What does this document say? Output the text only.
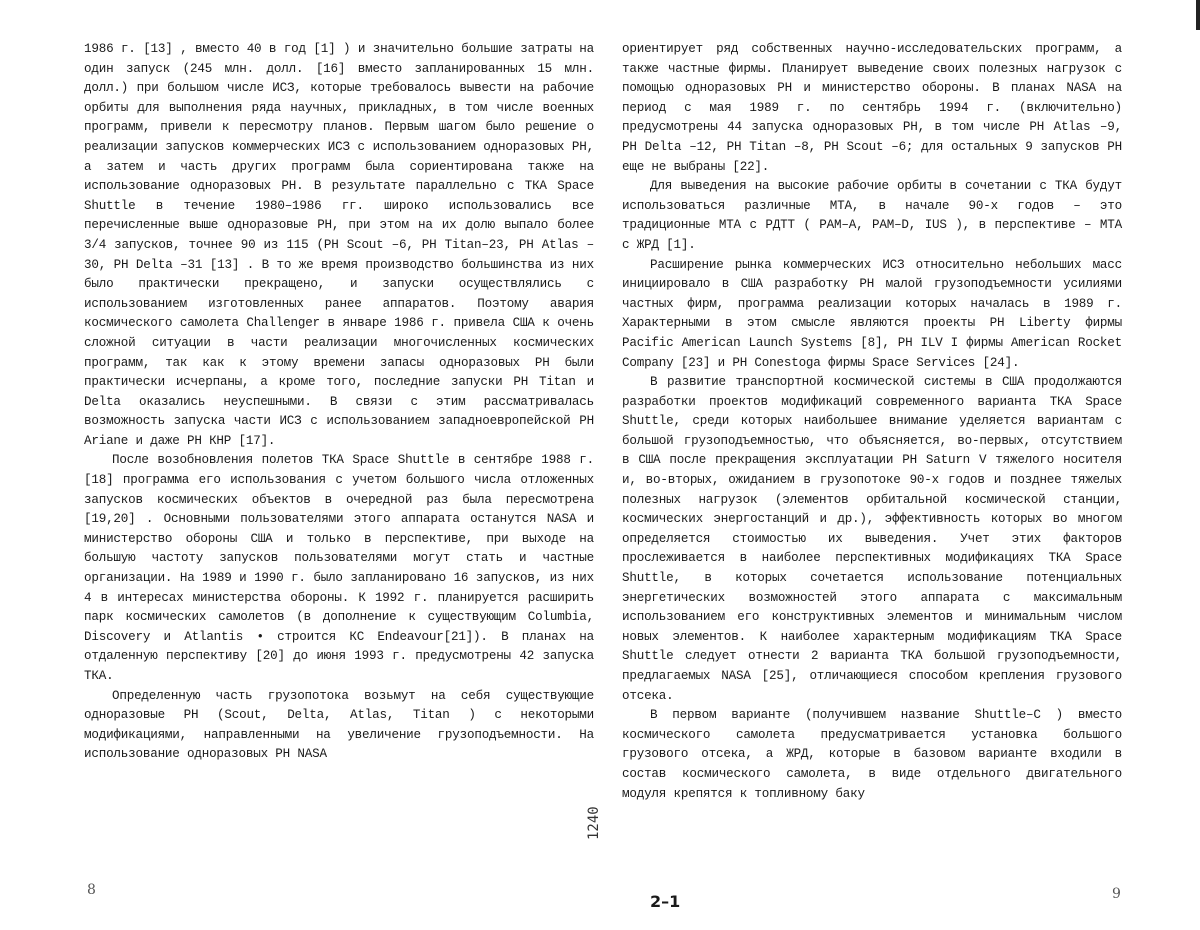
1986 г. [13] , вместо 40 в год [1] ) и значительно большие затраты на один запуск (245 млн. долл. [16] вместо запланированных 15 млн. долл.) при большом числе ИСЗ, которые требовалось вывести на рабочие орбиты для выполнения ряда научных, прикладных, в том числе военных программ, привели к пересмотру планов. Первым шагом было решение о реализации запусков коммерческих ИСЗ с использованием одноразовых РН, а затем и часть других программ была сориентирована также на использование одноразовых РН. В результате параллельно с ТКА Space Shuttle в течение 1980–1986 гг. широко использовались все перечисленные выше одноразовые РН, при этом на их долю выпало более 3/4 запусков, точнее 90 из 115 (PH Scout –6, PH Titan–23, PH Atlas –30, PH Delta –31 [13] . В то же время производство большинства из них было практически прекращено, и запуски осуществлялись с использованием изготовленных ранее аппаратов. Поэтому авария космического самолета Challenger в январе 1986 г. привела США к очень сложной ситуации в части реализации многочисленных космических программ, так как к этому времени запасы одноразовых РН были практически исчерпаны, а кроме того, последние запуски PH Titan и Delta оказались неуспешными. В связи с этим рассматривалась возможность запуска части ИСЗ с использованием западноевропейской PH Ariane и даже PH КНР [17].

После возобновления полетов ТКА Space Shuttle в сентябре 1988 г. [18] программа его использования с учетом большого числа отложенных запусков космических объектов в очередной раз была пересмотрена [19,20] . Основными пользователями этого аппарата останутся NASA и министерство обороны США и только в перспективе, при выходе на большую частоту запусков пользователями могут стать и частные организации. На 1989 и 1990 г. было запланировано 16 запусков, из них 4 в интересах министерства обороны. К 1992 г. планируется расширить парк космических самолетов (в дополнение к существующим Columbia, Discovery и Atlantis • строится КС Endeavour[21]). В планах на отдаленную перспективу [20] до июня 1993 г. предусмотрены 42 запуска ТКА.

Определенную часть грузопотока возьмут на себя существующие одноразовые РН (Scout, Delta, Atlas, Titan ) с некоторыми модификациями, направленными на увеличение грузоподъемности. На использование одноразовых РН NASA

8
1240

ориентирует ряд собственных научно-исследовательских программ, а также частные фирмы. Планирует выведение своих полезных нагрузок с помощью одноразовых РН и министерство обороны. В планах NASA на период с мая 1989 г. по сентябрь 1994 г. (включительно) предусмотрены 44 запуска одноразовых РН, в том числе PH Atlas –9, PH Delta –12, PH Titan –8, PH Scout –6; для остальных 9 запусков РН еще не выбраны [22].

Для выведения на высокие рабочие орбиты в сочетании с ТКА будут использоваться различные МТА, в начале 90-х годов – это традиционные МТА с РДТТ ( PAM–A, PAM–D, IUS ), в перспективе – МТА с ЖРД [1].

Расширение рынка коммерческих ИСЗ относительно небольших масс инициировало в США разработку РН малой грузоподъемности усилиями частных фирм, программа реализации которых началась в 1989 г. Характерными в этом смысле являются проекты PH Liberty фирмы Pacific American Launch Systems [8], PH ILV I фирмы American Rocket Company [23] и PH Conestoga фирмы Space Services [24].

В развитие транспортной космической системы в США продолжаются разработки проектов модификаций современного варианта ТКА Space Shuttle, среди которых наибольшее внимание уделяется вариантам с большой грузоподъемностью, что объясняется, во-первых, отсутствием в США после прекращения эксплуатации PH Saturn V тяжелого носителя и, во-вторых, ожиданием в грузопотоке 90-х годов и позднее тяжелых полезных нагрузок (элементов орбитальной космической станции, космических энергостанций и др.), эффективность которых во многом определяется стоимостью их выведения. Учет этих факторов прослеживается в наиболее перспективных модификациях ТКА Space Shuttle, в которых сочетается использование потенциальных энергетических возможностей этого аппарата с максимальным использованием его конструктивных элементов и минимальным числом новых элементов. К наиболее характерным модификациям ТКА Space Shuttle следует отнести 2 варианта ТКА большой грузоподъемности, предлагаемых NASA [25], отличающиеся способом крепления грузового отсека.

В первом варианте (получившем название Shuttle–C ) вместо космического самолета предусматривается установка большого грузового отсека, а ЖРД, которые в базовом варианте входили в состав космического самолета, в виде отдельного двигательного модуля крепятся к топливному баку

2–1	9
